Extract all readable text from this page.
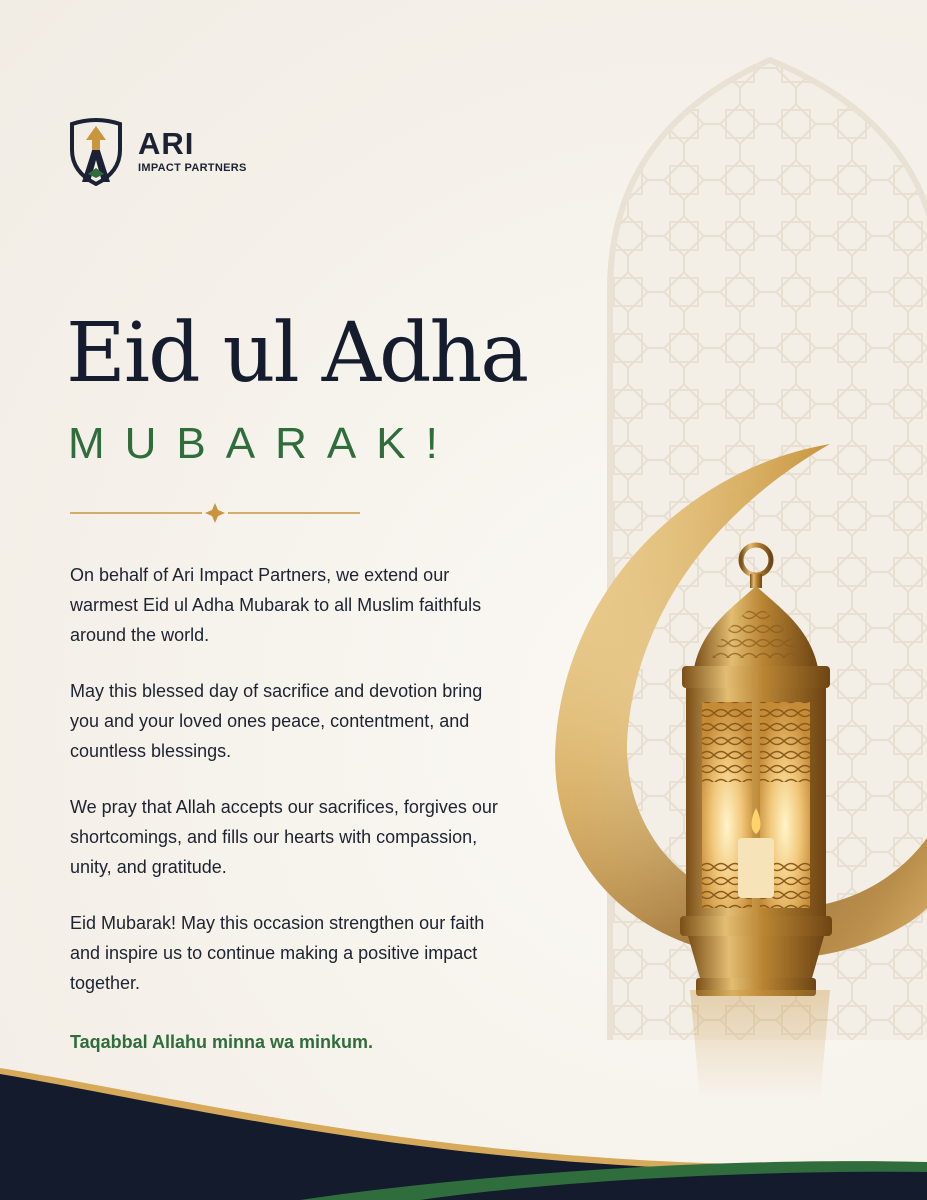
ARI
IMPACT PARTNERS
Eid ul Adha
MUBARAK!

On behalf of Ari Impact Partners, we extend our warmest Eid ul Adha Mubarak to all Muslim faithfuls around the world.

May this blessed day of sacrifice and devotion bring you and your loved ones peace, contentment, and countless blessings.

We pray that Allah accepts our sacrifices, forgives our shortcomings, and fills our hearts with compassion, unity, and gratitude.

Eid Mubarak! May this occasion strengthen our faith and inspire us to continue making a positive impact together.

Taqabbal Allahu minna wa minkum.
